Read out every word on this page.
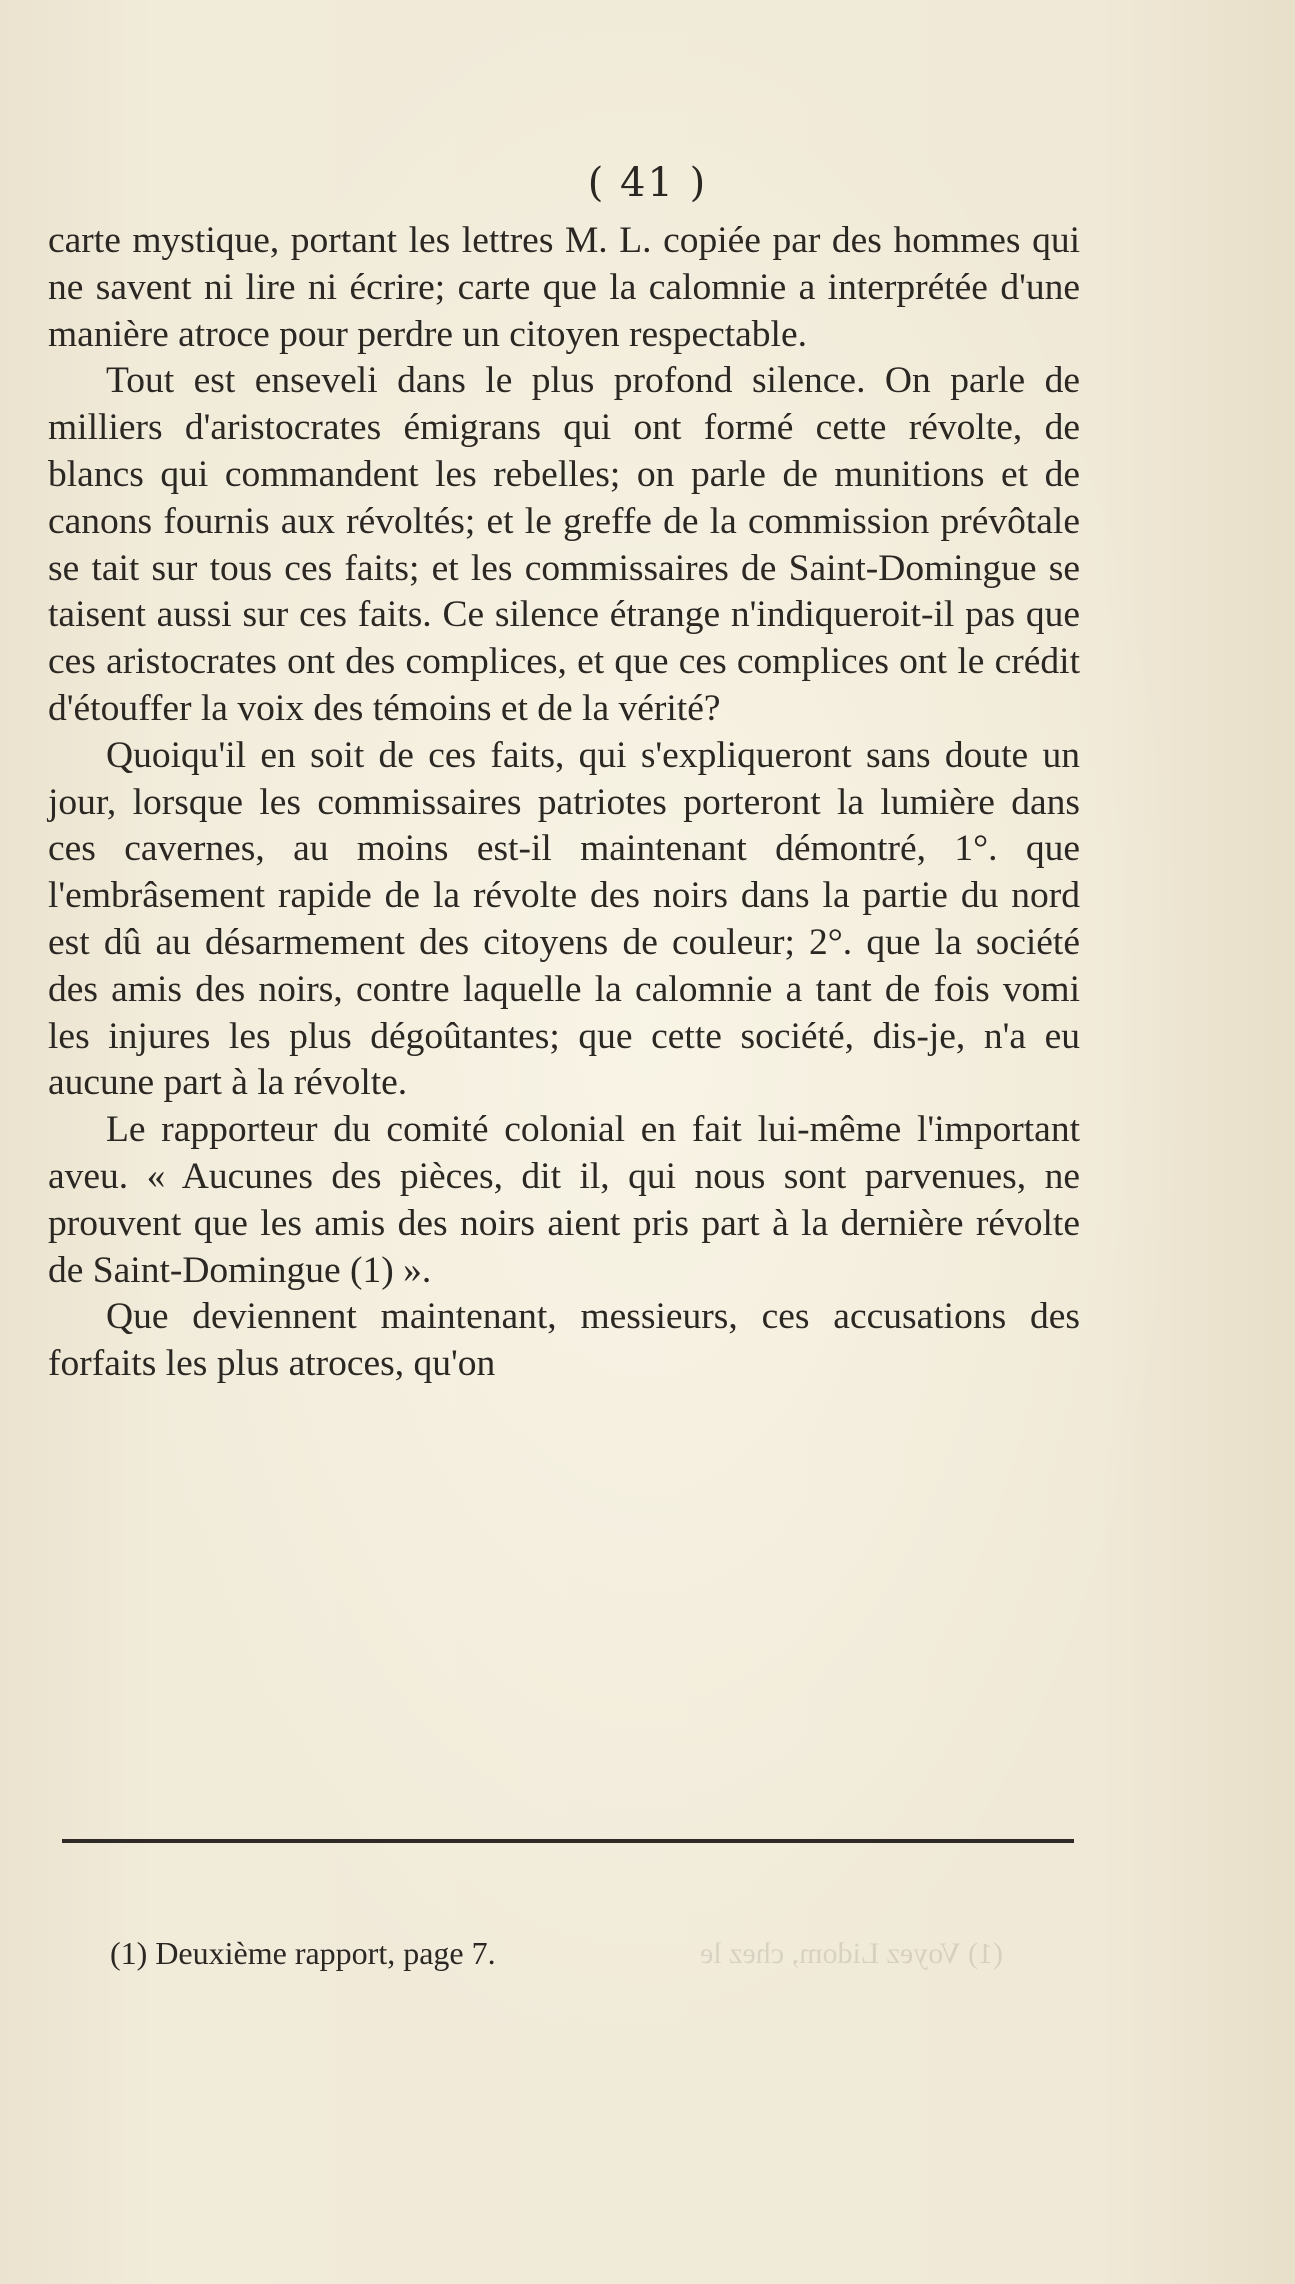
( 41 )

carte mystique, portant les lettres M. L. copiée par des hommes qui ne savent ni lire ni écrire; carte que la calomnie a interprétée d'une manière atroce pour perdre un citoyen respectable.

Tout est enseveli dans le plus profond silence. On parle de milliers d'aristocrates émigrans qui ont formé cette révolte, de blancs qui commandent les rebelles; on parle de munitions et de canons fournis aux révoltés; et le greffe de la commission prévôtale se tait sur tous ces faits; et les commissaires de Saint-Domingue se taisent aussi sur ces faits. Ce silence étrange n'indiqueroit-il pas que ces aristocrates ont des complices, et que ces complices ont le crédit d'étouffer la voix des témoins et de la vérité?

Quoiqu'il en soit de ces faits, qui s'expliqueront sans doute un jour, lorsque les commissaires patriotes porteront la lumière dans ces cavernes, au moins est-il maintenant démontré, 1°. que l'embrâsement rapide de la révolte des noirs dans la partie du nord est dû au désarmement des citoyens de couleur; 2°. que la société des amis des noirs, contre laquelle la calomnie a tant de fois vomi les injures les plus dégoûtantes; que cette société, dis-je, n'a eu aucune part à la révolte.

Le rapporteur du comité colonial en fait lui-même l'important aveu. « Aucunes des pièces, dit il, qui nous sont parvenues, ne prouvent que les amis des noirs aient pris part à la dernière révolte de Saint-Domingue (1) ».

Que deviennent maintenant, messieurs, ces accusations des forfaits les plus atroces, qu'on

(1) Deuxième rapport, page 7.	(1) Voyez Lidom, chez le
